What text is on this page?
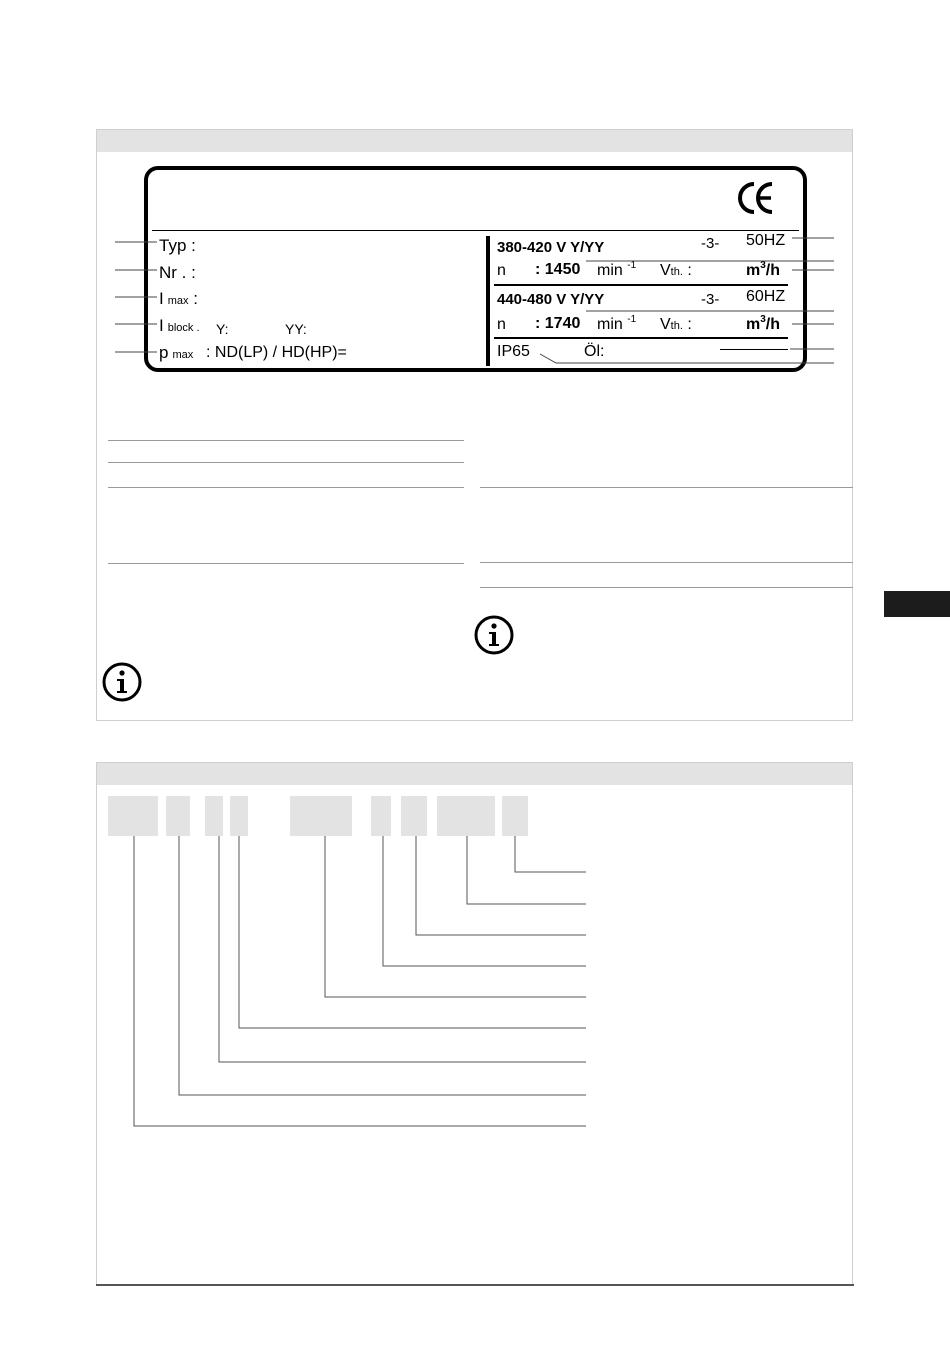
Typ :
Nr . :
Imax :
Iblock . Y:	YY:
pmax : ND(LP) / HD(HP)=
380-420 V Y/YY	-3- 50HZ
n : 1450 min $^{-1}$ Vth. :	$m^3/h$
440-480 V Y/YY	-3- 60HZ
n : 1740 min $^{-1}$ Vth. :	$m^3/h$
IP65	Öl:
